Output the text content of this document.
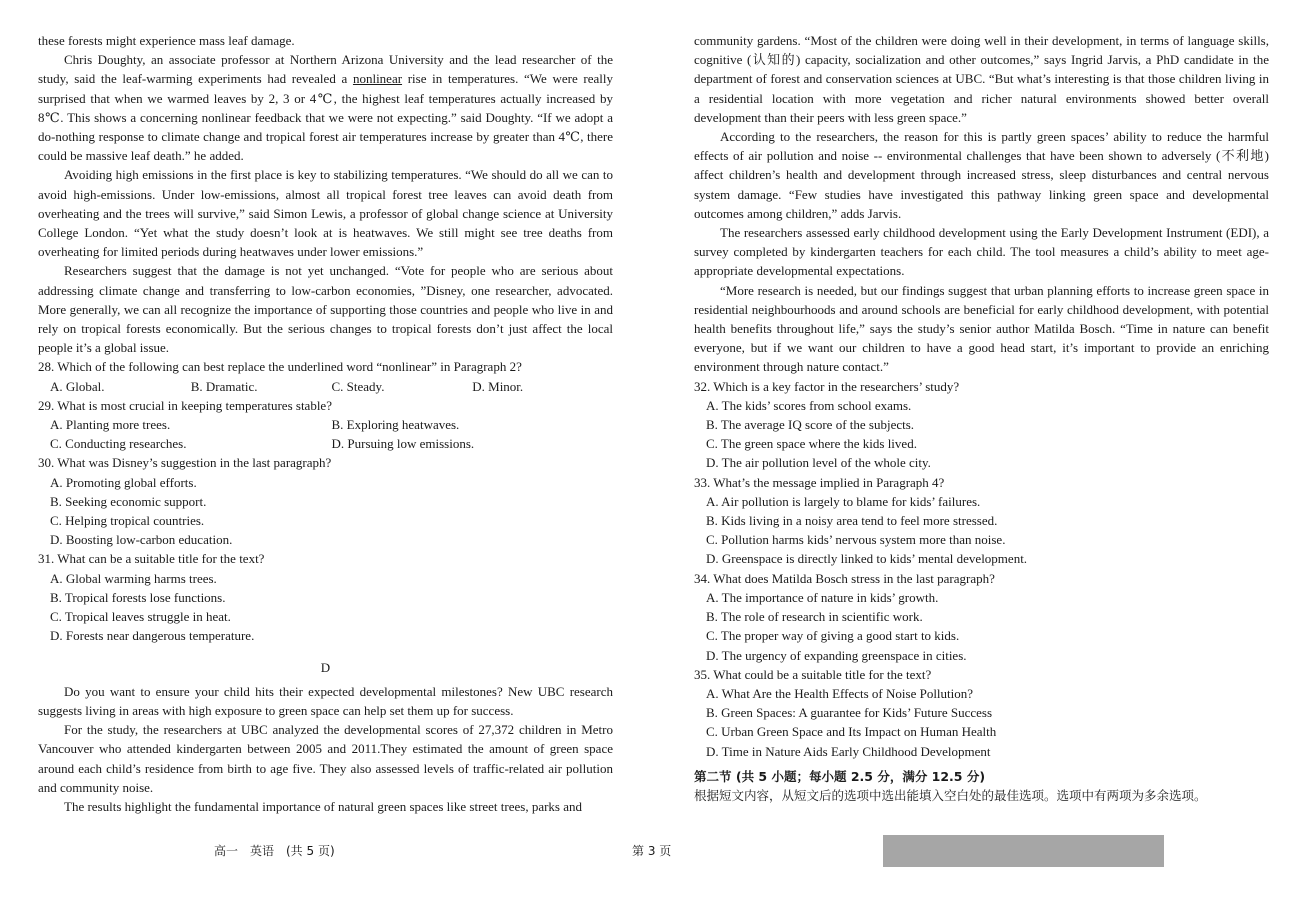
these forests might experience mass leaf damage.

Chris Doughty, an associate professor at Northern Arizona University and the lead researcher of the study, said the leaf-warming experiments had revealed a nonlinear rise in temperatures. “We were really surprised that when we warmed leaves by 2, 3 or 4℃, the highest leaf temperatures actually increased by 8℃. This shows a concerning nonlinear feedback that we were not expecting.” said Doughty. “If we adopt a do-nothing response to climate change and tropical forest air temperatures increase by greater than 4℃, there could be massive leaf death.” he added.

Avoiding high emissions in the first place is key to stabilizing temperatures. “We should do all we can to avoid high-emissions. Under low-emissions, almost all tropical forest tree leaves can avoid death from overheating and the trees will survive,” said Simon Lewis, a professor of global change science at University College London. “Yet what the study doesn’t look at is heatwaves. We still might see tree deaths from overheating for limited periods during heatwaves under lower emissions.”

Researchers suggest that the damage is not yet unchanged. “Vote for people who are serious about addressing climate change and transferring to low-carbon economies, ”Disney, one researcher, advocated. More generally, we can all recognize the importance of supporting those countries and people who live in and rely on tropical forests economically. But the serious changes to tropical forests don’t just affect the local people it’s a global issue.

28. Which of the following can best replace the underlined word “nonlinear” in Paragraph 2?

A. Global.	B. Dramatic.	C. Steady.	D. Minor.

29. What is most crucial in keeping temperatures stable?

A. Planting more trees.	B. Exploring heatwaves.
C. Conducting researches.	D. Pursuing low emissions.

30. What was Disney’s suggestion in the last paragraph?

A. Promoting global efforts.
B. Seeking economic support.
C. Helping tropical countries.
D. Boosting low-carbon education.

31. What can be a suitable title for the text?

A. Global warming harms trees.
B. Tropical forests lose functions.
C. Tropical leaves struggle in heat.
D. Forests near dangerous temperature.
D

Do you want to ensure your child hits their expected developmental milestones? New UBC research suggests living in areas with high exposure to green space can help set them up for success.

For the study, the researchers at UBC analyzed the developmental scores of 27,372 children in Metro Vancouver who attended kindergarten between 2005 and 2011.They estimated the amount of green space around each child’s residence from birth to age five. They also assessed levels of traffic-related air pollution and community noise.

The results highlight the fundamental importance of natural green spaces like street trees, parks and

community gardens. “Most of the children were doing well in their development, in terms of language skills, cognitive (认知的) capacity, socialization and other outcomes,” says Ingrid Jarvis, a PhD candidate in the department of forest and conservation sciences at UBC. “But what’s interesting is that those children living in a residential location with more vegetation and richer natural environments showed better overall development than their peers with less green space.”

According to the researchers, the reason for this is partly green spaces’ ability to reduce the harmful effects of air pollution and noise -- environmental challenges that have been shown to adversely (不利地) affect children’s health and development through increased stress, sleep disturbances and central nervous system damage. “Few studies have investigated this pathway linking green space and developmental outcomes among children,” adds Jarvis.

The researchers assessed early childhood development using the Early Development Instrument (EDI), a survey completed by kindergarten teachers for each child. The tool measures a child’s ability to meet age-appropriate developmental expectations.

“More research is needed, but our findings suggest that urban planning efforts to increase green space in residential neighbourhoods and around schools are beneficial for early childhood development, with potential health benefits throughout life,” says the study’s senior author Matilda Bosch. “Time in nature can benefit everyone, but if we want our children to have a good head start, it’s important to provide an enriching environment through nature contact.”

32. Which is a key factor in the researchers’ study?

A. The kids’ scores from school exams.
B. The average IQ score of the subjects.
C. The green space where the kids lived.
D. The air pollution level of the whole city.

33. What’s the message implied in Paragraph 4?

A. Air pollution is largely to blame for kids’ failures.
B. Kids living in a noisy area tend to feel more stressed.
C. Pollution harms kids’ nervous system more than noise.
D. Greenspace is directly linked to kids’ mental development.

34. What does Matilda Bosch stress in the last paragraph?

A. The importance of nature in kids’ growth.
B. The role of research in scientific work.
C. The proper way of giving a good start to kids.
D. The urgency of expanding greenspace in cities.

35. What could be a suitable title for the text?

A. What Are the Health Effects of Noise Pollution?
B. Green Spaces: A guarantee for Kids’ Future Success
C. Urban Green Space and Its Impact on Human Health
D. Time in Nature Aids Early Childhood Development
第二节 (共 5 小题；每小题 2.5 分，满分 12.5 分)
根据短文内容，从短文后的选项中选出能填入空白处的最佳选项。选项中有两项为多余选项。
高一　英语　(共 5 页)	第 3 页
